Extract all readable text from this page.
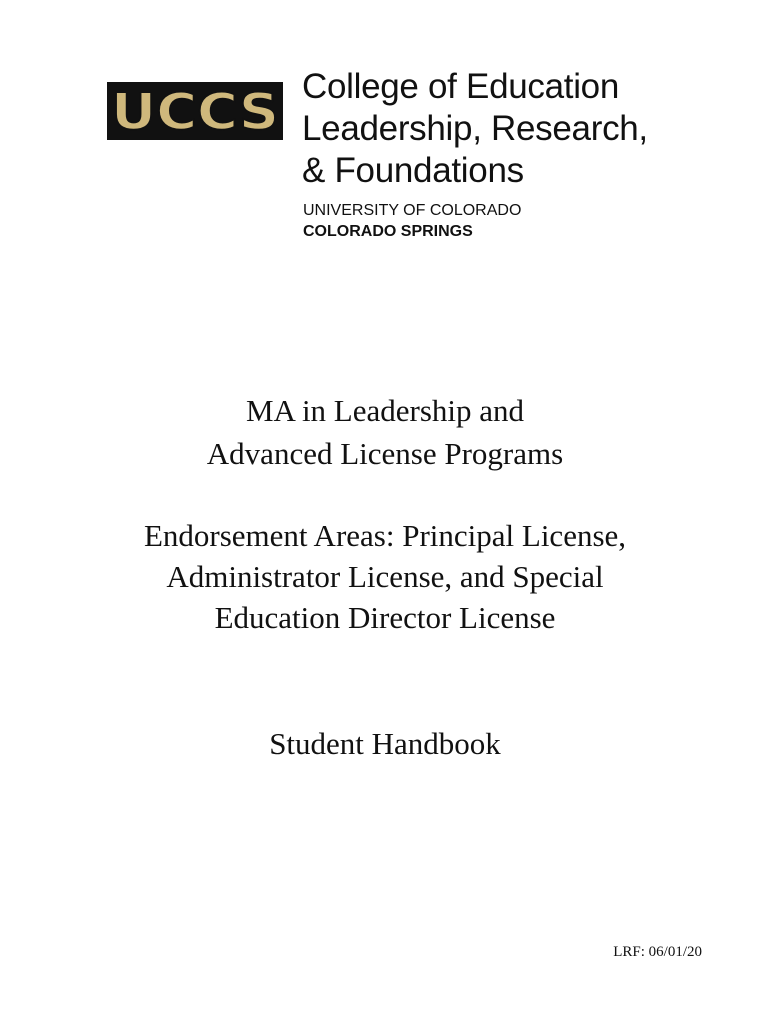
UCCS College of Education
Leadership, Research,
& Foundations
UNIVERSITY OF COLORADO
COLORADO SPRINGS
MA in Leadership and
Advanced License Programs
Endorsement Areas: Principal License,
Administrator License, and Special
Education Director License
Student Handbook
LRF: 06/01/20
